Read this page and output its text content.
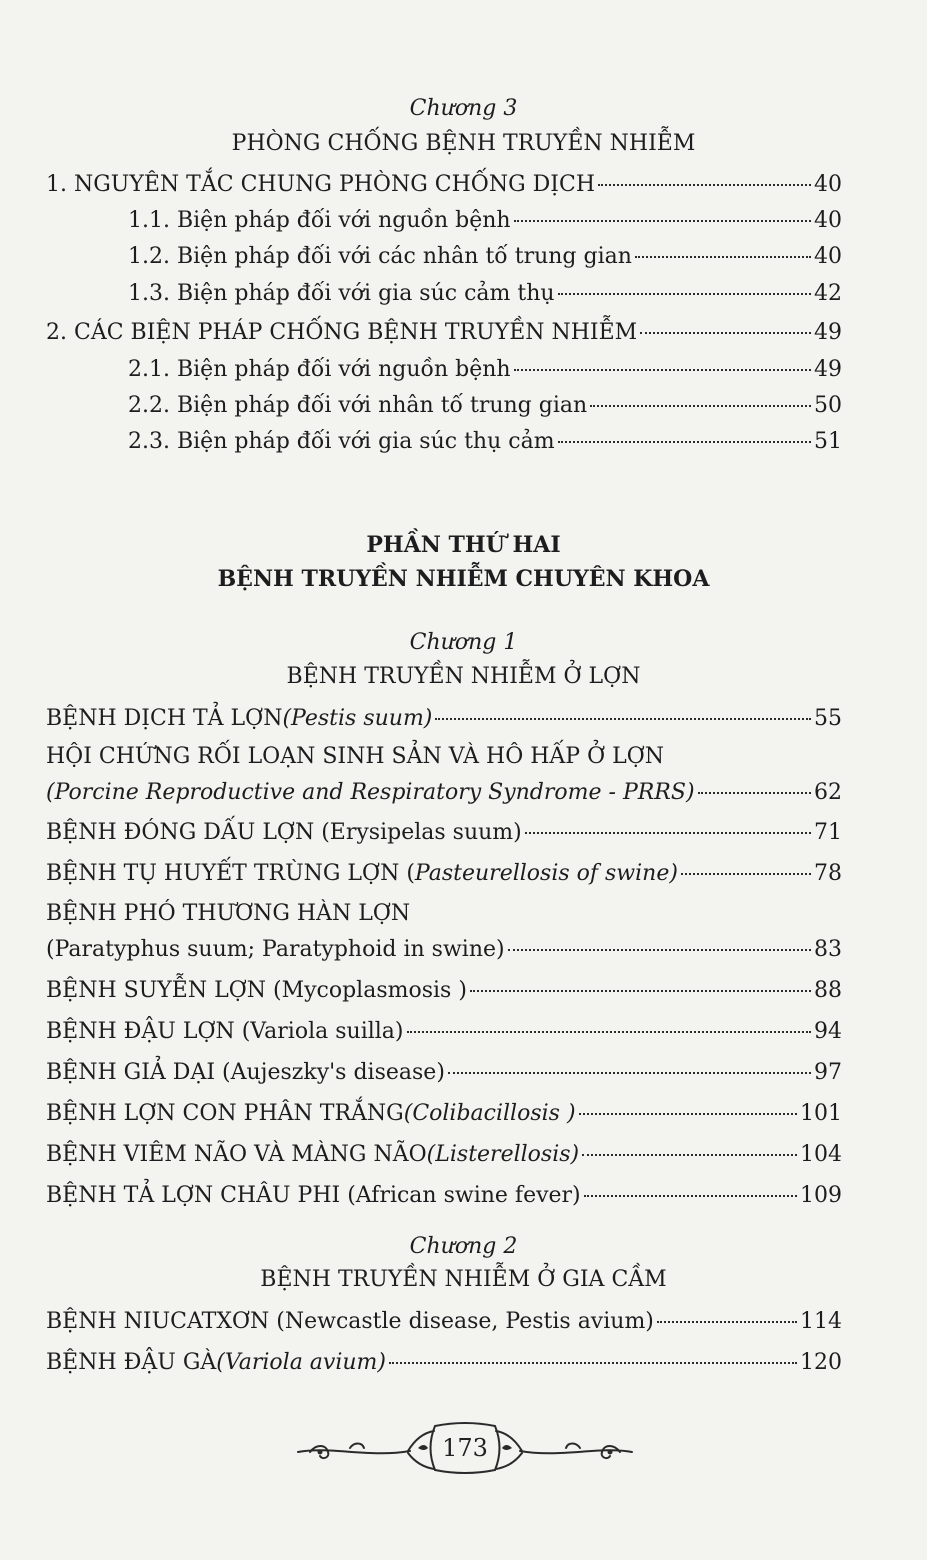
Chương 3
PHÒNG CHỐNG BỆNH TRUYỀN NHIỄM
1. NGUYÊN TẮC CHUNG PHÒNG CHỐNG DỊCH	40
1.1. Biện pháp đối với nguồn bệnh	40
1.2. Biện pháp đối với các nhân tố trung gian	40
1.3. Biện pháp đối với gia súc cảm thụ	42
2. CÁC BIỆN PHÁP CHỐNG BỆNH TRUYỀN NHIỄM	49
2.1. Biện pháp đối với nguồn bệnh	49
2.2. Biện pháp đối với nhân tố trung gian	50
2.3. Biện pháp đối với gia súc thụ cảm	51
PHẦN THỨ HAI
BỆNH TRUYỀN NHIỄM CHUYÊN KHOA
Chương 1
BỆNH TRUYỀN NHIỄM Ở LỢN
BỆNH DỊCH TẢ LỢN (Pestis suum)	55
HỘI CHỨNG RỐI LOẠN SINH SẢN VÀ HÔ HẤP Ở LỢN
(Porcine Reproductive and Respiratory Syndrome - PRRS)	62
BỆNH ĐÓNG DẤU LỢN (Erysipelas suum)	71
BỆNH TỤ HUYẾT TRÙNG LỢN ( Pasteurellosis of swine)	78
BỆNH PHÓ THƯƠNG HÀN LỢN
(Paratyphus suum; Paratyphoid in swine)	83
BỆNH SUYỄN LỢN (Mycoplasmosis )	88
BỆNH ĐẬU LỢN (Variola suilla)	94
BỆNH GIẢ DẠI (Aujeszky's disease)	97
BỆNH LỢN CON PHÂN TRẮNG (Colibacillosis )	101
BỆNH VIÊM NÃO VÀ MÀNG NÃO (Listerellosis)	104
BỆNH TẢ LỢN CHÂU PHI (African swine fever)	109
Chương 2
BỆNH TRUYỀN NHIỄM Ở GIA CẦM
BỆNH NIUCATXƠN (Newcastle disease, Pestis avium)	114
BỆNH ĐẬU GÀ (Variola avium)	120
173
